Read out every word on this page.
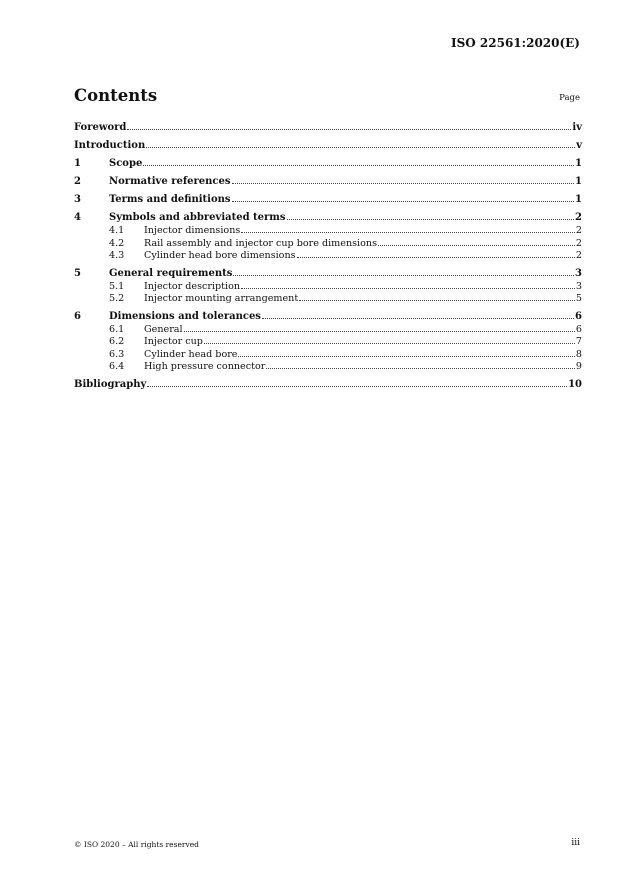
ISO 22561:2020(E)
Contents	Page
Foreword	iv
Introduction	v
1	Scope	1
2	Normative references	1
3	Terms and definitions	1
4	Symbols and abbreviated terms	2
4.1	Injector dimensions	2
4.2	Rail assembly and injector cup bore dimensions	2
4.3	Cylinder head bore dimensions	2
5	General requirements	3
5.1	Injector description	3
5.2	Injector mounting arrangement	5
6	Dimensions and tolerances	6
6.1	General	6
6.2	Injector cup	7
6.3	Cylinder head bore	8
6.4	High pressure connector	9
Bibliography	10
© ISO 2020 – All rights reserved	iii
